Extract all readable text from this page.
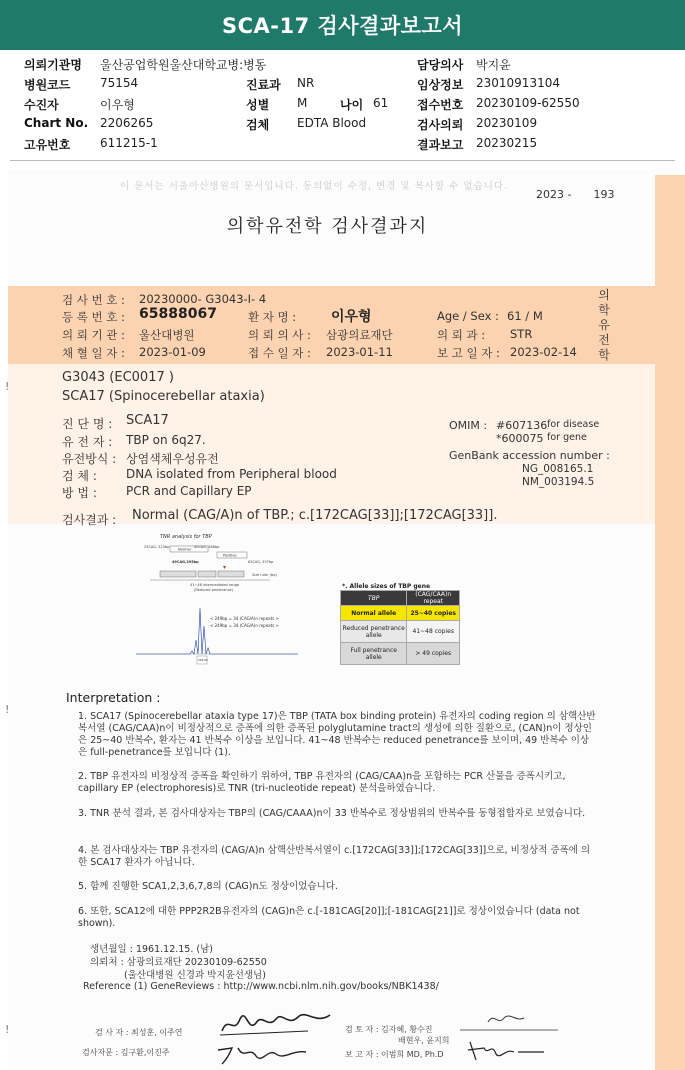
SCA-17 검사결과보고서
의뢰기관명 울산공업학원울산대학교병:병동	담당의사 박지윤
병원코드 75154	진료과 NR	임상정보 23010913104
수진자	이우형	성별 M	나이 61 접수번호 20230109-62550
Chart No. 2206265	검체 EDTA Blood	검사의뢰 20230109
고유번호 611215-1	결과보고 20230215
이 문서는 서울아산병원의 문서입니다. 동의없이 수정, 변경 및 복사할 수 없습니다.
2023 - 193
의학유전학 검사결과지
의학유전학
검 사 번 호 : 20230000- G3043-I- 4
등 록 번 호 : 65888067	환 자 명 : 이우형	Age / Sex : 61 / M
의 뢰 기 관 : 울산대병원	의 뢰 의 사 : 삼광의료재단	의 뢰 과 : STR
채 혈 일 자 : 2023-01-09	접 수 일 자 : 2023-01-11	보 고 일 자 : 2023-02-14
G3043 (EC0017 )
SCA17 (Spinocerebellar ataxia)
진 단 명 : SCA17
유 전 자 : TBP on 6q27.
유전방식 : 상염색체우성유전
검 체 : DNA isolated from Peripheral blood
방 법 : PCR and Capillary EP
OMIM : #607136 for disease
*600075 for gene
GenBank accession number :
NG_008165.1
NM_003194.5
검사결과 : Normal (CAG/A)n of TBP.; c.[172CAG[33]];[172CAG[33]].
TNR analysis for TBP
25CAG, 223bp	40CAG, 268bp
Normal
Positive
49CAG,295bp	63CAG, 337bp
Size ruler (bp)
41~48 intermediated range
(Reduced penetrance)
< 249bp = 34 (CAG/A)n repeats >
< 249bp = 34 (CAG/A)n repeats >
249.60
*. Allele sizes of TBP gene
TBP	(CAG/CAA)n repeat
Normal allele	25~40 copies
Reduced penetrance allele	41~48 copies
Full penetrance allele	> 49 copies
!
!
!
Interpretation :
1. SCA17 (Spinocerebellar ataxia type 17)은 TBP (TATA box binding protein) 유전자의 coding region 의 삼핵산반복서열 (CAG/CAA)n이 비정상적으로 증폭에 의한 증폭된 polyglutamine tract의 생성에 의한 질환으로, (CAN)n이 정상인은 25~40 반복수, 환자는 41 반복수 이상을 보입니다. 41~48 반복수는 reduced penetrance를 보이며, 49 반복수 이상은 full-penetrance를 보입니다 (1).
2. TBP 유전자의 비정상적 증폭을 확인하기 위하여, TBP 유전자의 (CAG/CAA)n을 포함하는 PCR 산물을 증폭시키고, capillary EP (electrophoresis)로 TNR (tri-nucleotide repeat) 분석을하였습니다.
3. TNR 분석 결과, 본 검사대상자는 TBP의 (CAG/CAAA)n이 33 반복수로 정상범위의 반복수를 동형접합자로 보였습니다.
4. 본 검사대상자는 TBP 유전자의 (CAG/A)n 삼핵산반복서열이 c.[172CAG[33]];[172CAG[33]]으로, 비정상적 증폭에 의한 SCA17 환자가 아닙니다.
5. 함께 진행한 SCA1,2,3,6,7,8의 (CAG)n도 정상이었습니다.
6. 또한, SCA12에 대한 PPP2R2B유전자의 (CAG)n은 c.[-181CAG[20]];[-181CAG[21]]로 정상이었습니다 (data not shown).
생년월일 : 1961.12.15. (남)
의뢰처 : 삼광의료재단 20230109-62550
(울산대병원 신경과 박지윤선생님)
Reference (1) GeneReviews : http://www.ncbi.nlm.nih.gov/books/NBK1438/
검 사 자 : 최성훈, 이주연	검 토 자 : 김자혜, 황수진
배현우, 윤지희
검사자문 : 김구환,이진주	보 고 자 : 이범희 MD, Ph.D
